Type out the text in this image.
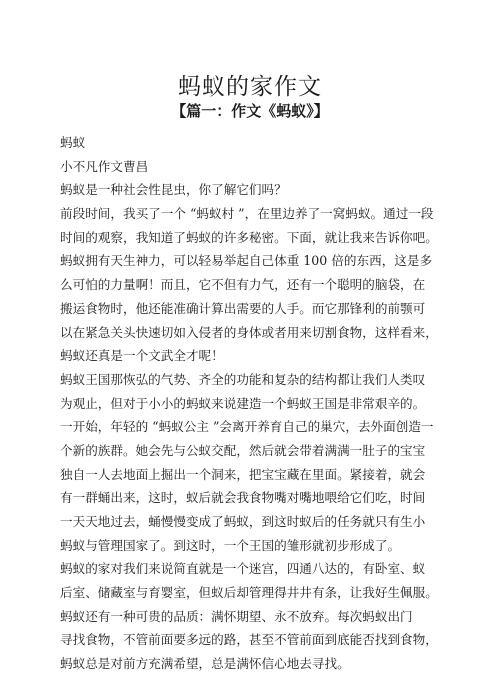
蚂蚁的家作文
【篇一：作文《蚂蚁》】
蚂蚁
小不凡作文曹昌
蚂蚁是一种社会性昆虫，你了解它们吗？
前段时间，我买了一个 “蚂蚁村 ”，在里边养了一窝蚂蚁。通过一段
时间的观察，我知道了蚂蚁的许多秘密。下面，就让我来告诉你吧。
蚂蚁拥有天生神力，可以轻易举起自己体重 100 倍的东西，这是多
么可怕的力量啊！而且，它不但有力气，还有一个聪明的脑袋，在
搬运食物时，他还能准确计算出需要的人手。而它那锋利的前颚可
以在紧急关头快速切如入侵者的身体或者用来切割食物，这样看来，
蚂蚁还真是一个文武全才呢！
蚂蚁王国那恢弘的气势、齐全的功能和复杂的结构都让我们人类叹
为观止，但对于小小的蚂蚁来说建造一个蚂蚁王国是非常艰辛的。
一开始，年轻的 “蚂蚁公主 ”会离开养育自己的巢穴，去外面创造一
个新的族群。她会先与公蚁交配，然后就会带着满满一肚子的宝宝
独自一人去地面上掘出一个洞来，把宝宝藏在里面。紧接着，就会
有一群蛹出来，这时，蚁后就会我食物嘴对嘴地喂给它们吃，时间
一天天地过去，蛹慢慢变成了蚂蚁，到这时蚁后的任务就只有生小
蚂蚁与管理国家了。到这时，一个王国的雏形就初步形成了。
蚂蚁的家对我们来说简直就是一个迷宫，四通八达的，有卧室、蚁
后室、储藏室与育婴室，但蚁后却管理得井井有条，让我好生佩服。
蚂蚁还有一种可贵的品质：满怀期望、永不放弃。每次蚂蚁出门
寻找食物，不管前面要多远的路，甚至不管前面到底能否找到食物，
蚂蚁总是对前方充满希望，总是满怀信心地去寻找。
